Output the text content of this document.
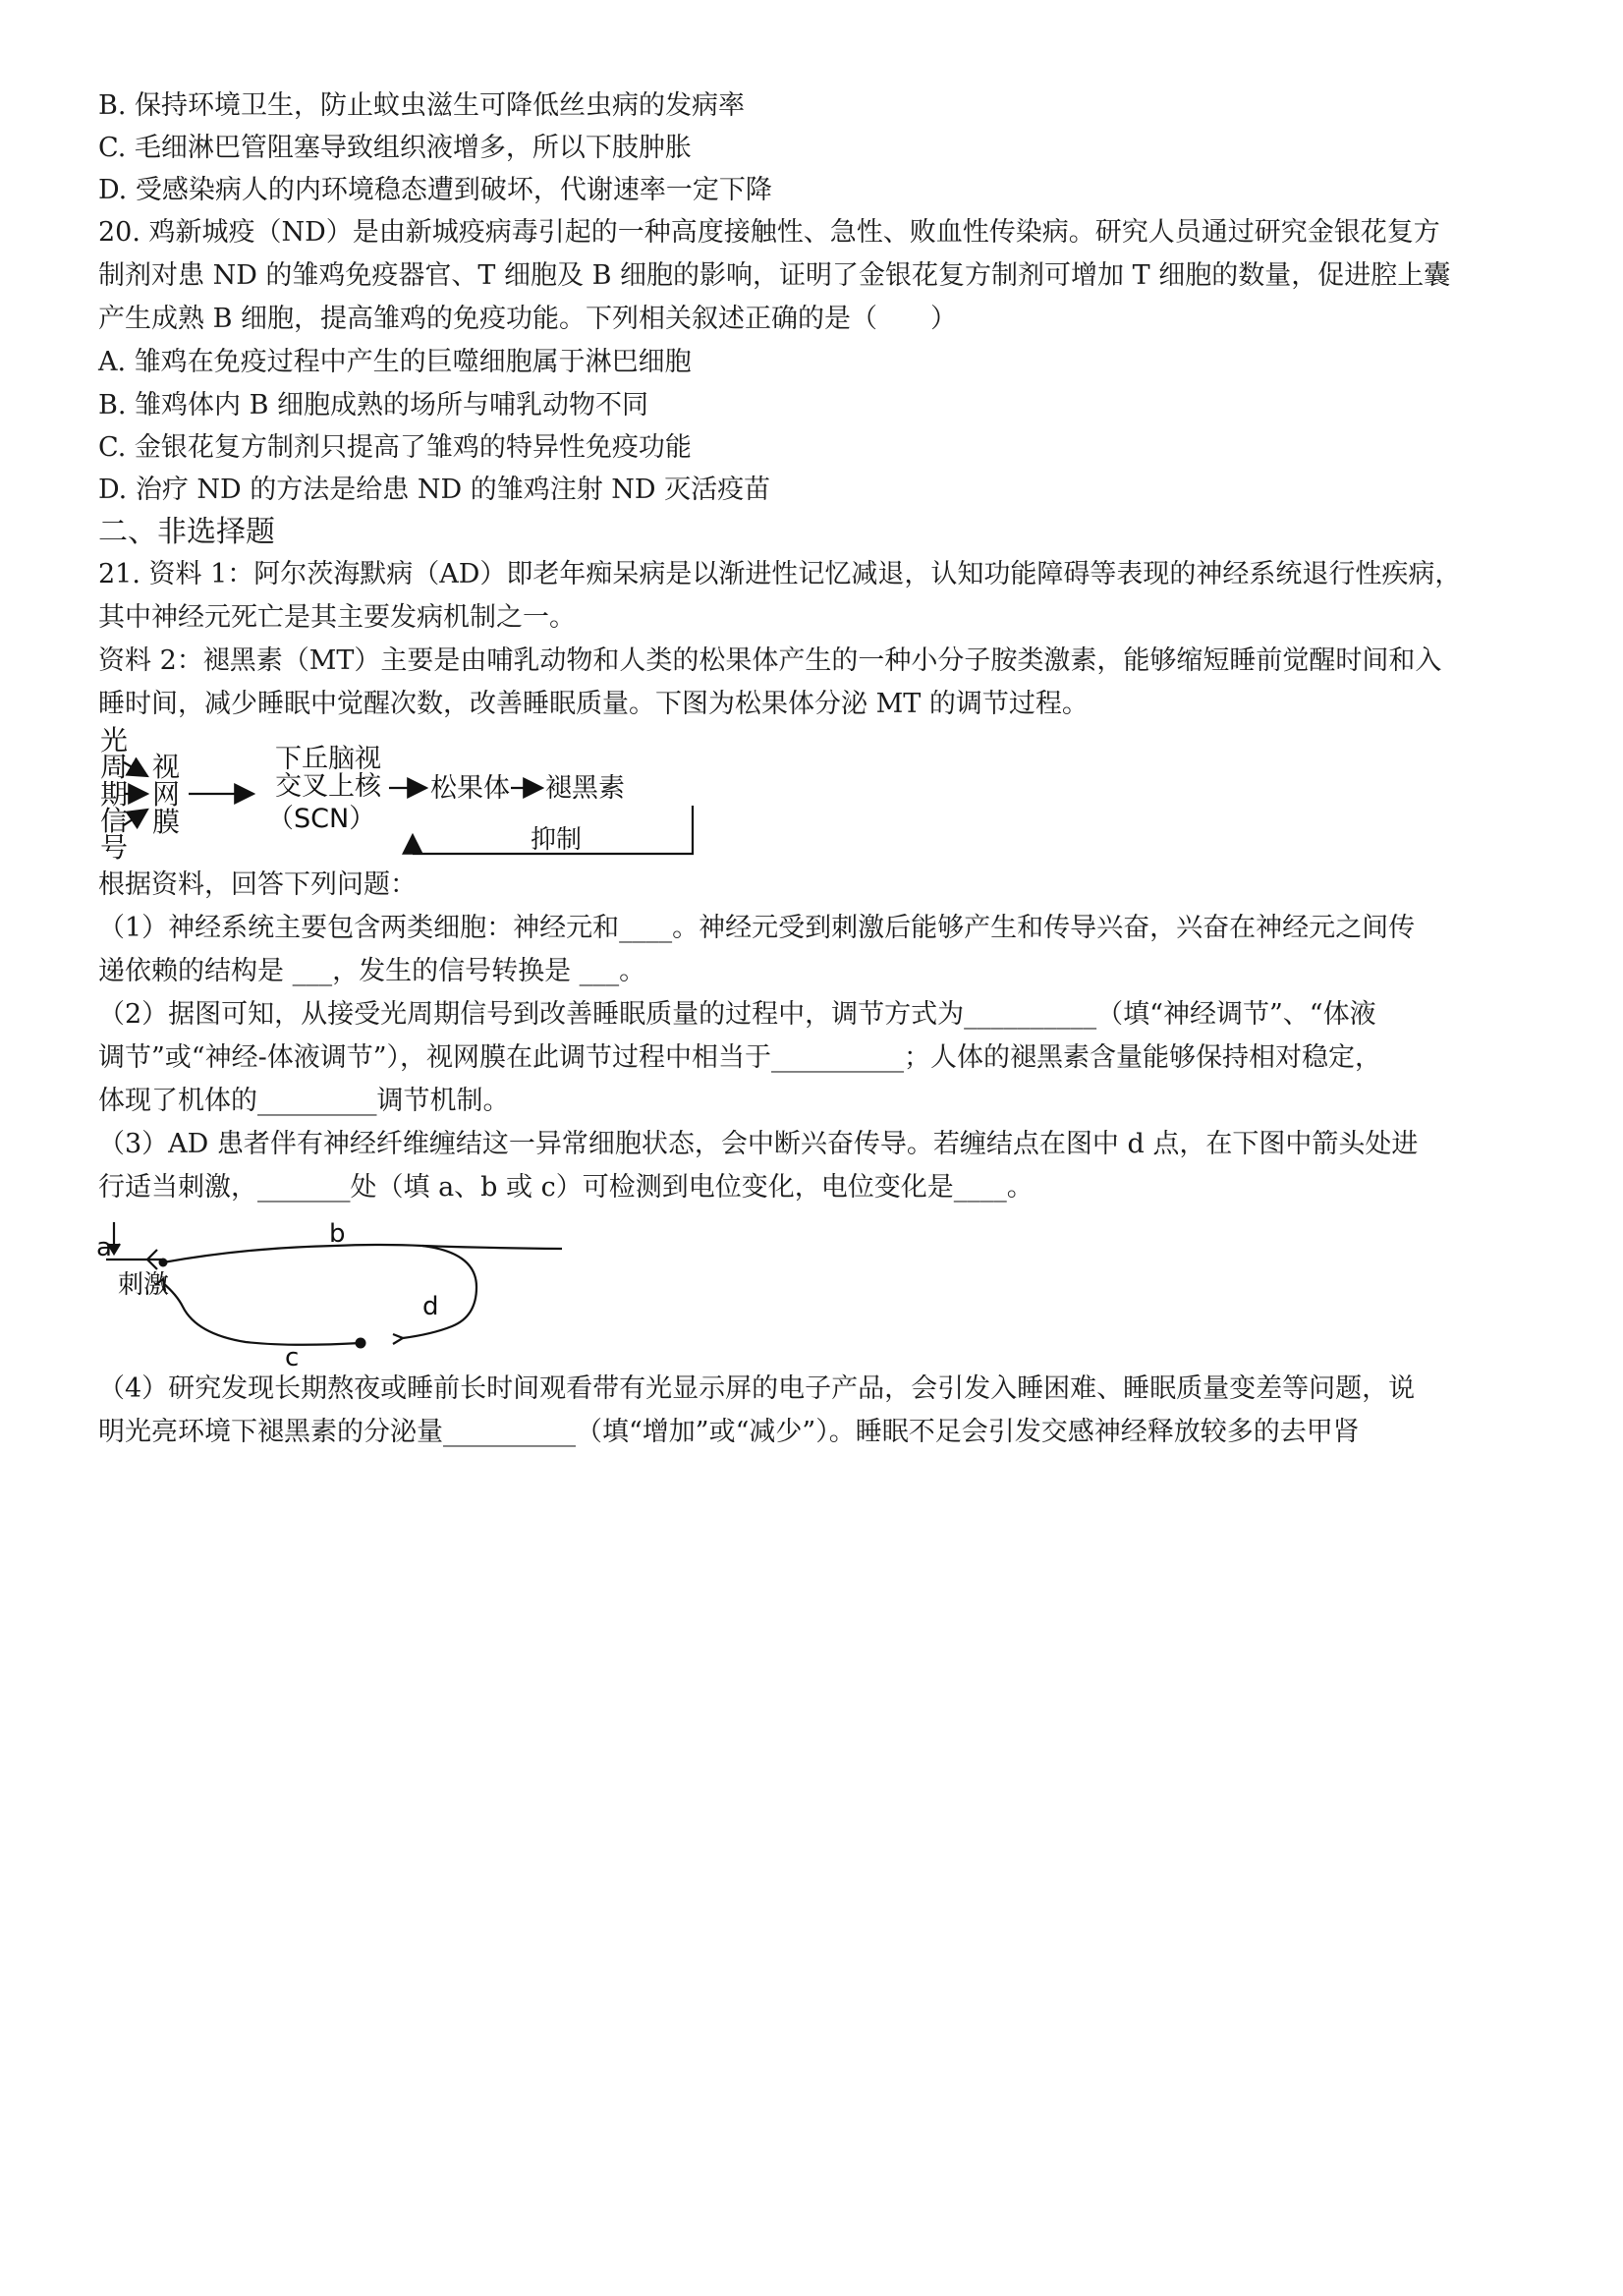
B. 保持环境卫生，防止蚊虫滋生可降低丝虫病的发病率
C. 毛细淋巴管阻塞导致组织液增多，所以下肢肿胀
D. 受感染病人的内环境稳态遭到破坏，代谢速率一定下降
20. 鸡新城疫（ND）是由新城疫病毒引起的一种高度接触性、急性、败血性传染病。研究人员通过研究金银花复方
制剂对患 ND 的雏鸡免疫器官、T 细胞及 B 细胞的影响，证明了金银花复方制剂可增加 T 细胞的数量，促进腔上囊
产生成熟 B 细胞，提高雏鸡的免疫功能。下列相关叙述正确的是（　　）
A. 雏鸡在免疫过程中产生的巨噬细胞属于淋巴细胞
B. 雏鸡体内 B 细胞成熟的场所与哺乳动物不同
C. 金银花复方制剂只提高了雏鸡的特异性免疫功能
D. 治疗 ND 的方法是给患 ND 的雏鸡注射 ND 灭活疫苗
二、非选择题
21. 资料 1：阿尔茨海默病（AD）即老年痴呆病是以渐进性记忆减退，认知功能障碍等表现的神经系统退行性疾病，
其中神经元死亡是其主要发病机制之一。
资料 2：褪黑素（MT）主要是由哺乳动物和人类的松果体产生的一种小分子胺类激素，能够缩短睡前觉醒时间和入
睡时间，减少睡眠中觉醒次数，改善睡眠质量。下图为松果体分泌 MT 的调节过程。
光
周
期
信
号
视
网
膜
下丘脑视
交叉上核
（SCN）
松果体 褪黑素
抑制
根据资料，回答下列问题：
（1）神经系统主要包含两类细胞：神经元和____。神经元受到刺激后能够产生和传导兴奋，兴奋在神经元之间传
递依赖的结构是 ___，发生的信号转换是 ___。
（2）据图可知，从接受光周期信号到改善睡眠质量的过程中，调节方式为__________（填“神经调节”、“体液
调节”或“神经-体液调节”），视网膜在此调节过程中相当于__________；人体的褪黑素含量能够保持相对稳定，
体现了机体的_________调节机制。
（3）AD 患者伴有神经纤维缠结这一异常细胞状态，会中断兴奋传导。若缠结点在图中 d 点，在下图中箭头处进
行适当刺激，_______处（填 a、b 或 c）可检测到电位变化，电位变化是____。
a	b
c
d
刺激
（4）研究发现长期熬夜或睡前长时间观看带有光显示屏的电子产品，会引发入睡困难、睡眠质量变差等问题，说
明光亮环境下褪黑素的分泌量__________（填“增加”或“减少”）。睡眠不足会引发交感神经释放较多的去甲肾
